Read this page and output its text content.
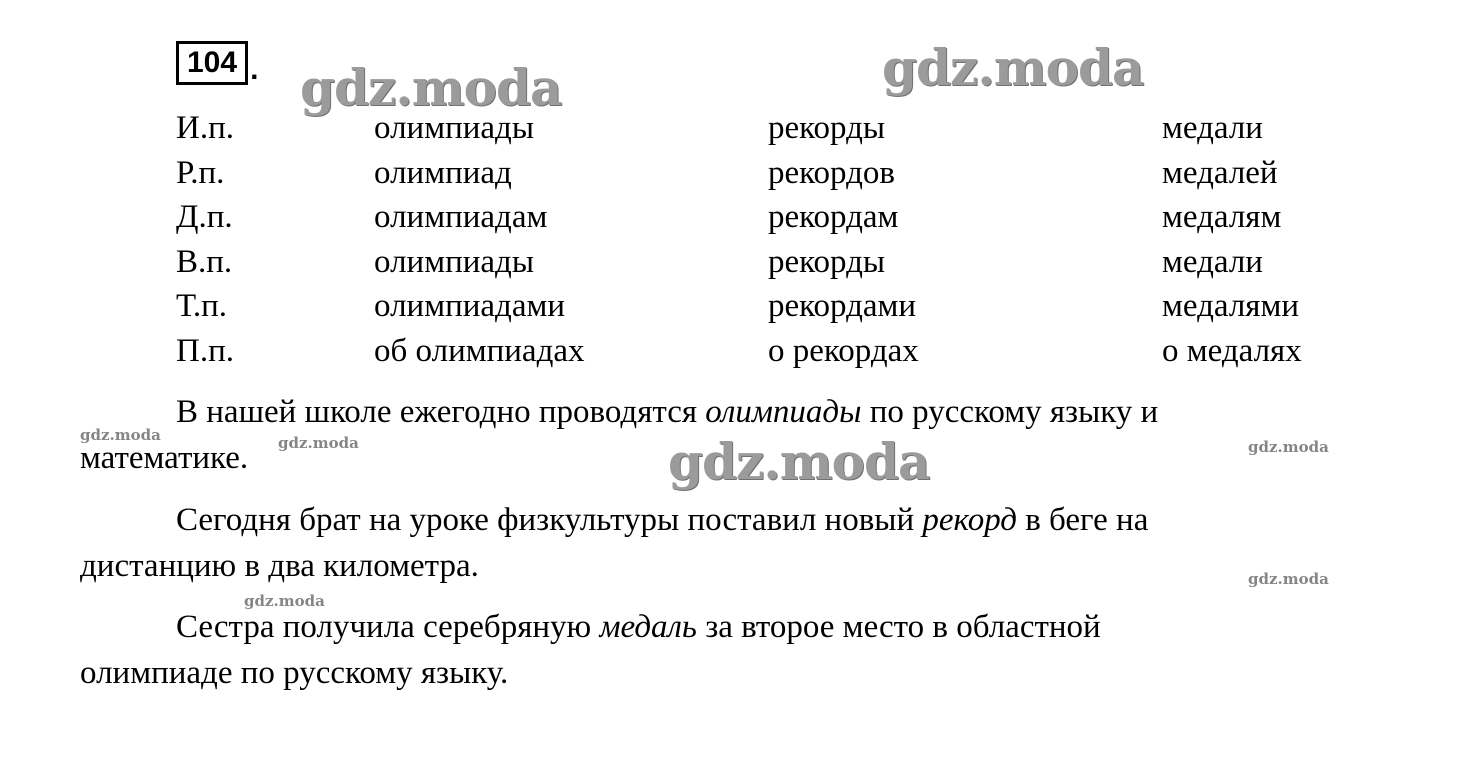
104 .
И.п.	олимпиады	рекорды	медали
Р.п.	олимпиад	рекордов	медалей
Д.п.	олимпиадам	рекордам	медалям
В.п.	олимпиады	рекорды	медали
Т.п.	олимпиадами	рекордами	медалями
П.п.	об олимпиадах	о рекордах	о медалях
В нашей школе ежегодно проводятся олимпиады по русскому языку и
математике.
Сегодня брат на уроке физкультуры поставил новый рекорд в беге на
дистанцию в два километра.
Сестра получила серебряную медаль за второе место в областной
олимпиаде по русскому языку.
gdz.moda	gdz.moda
gdz.moda
gdz.moda	gdz.moda	gdz.moda
gdz.moda
gdz.moda
